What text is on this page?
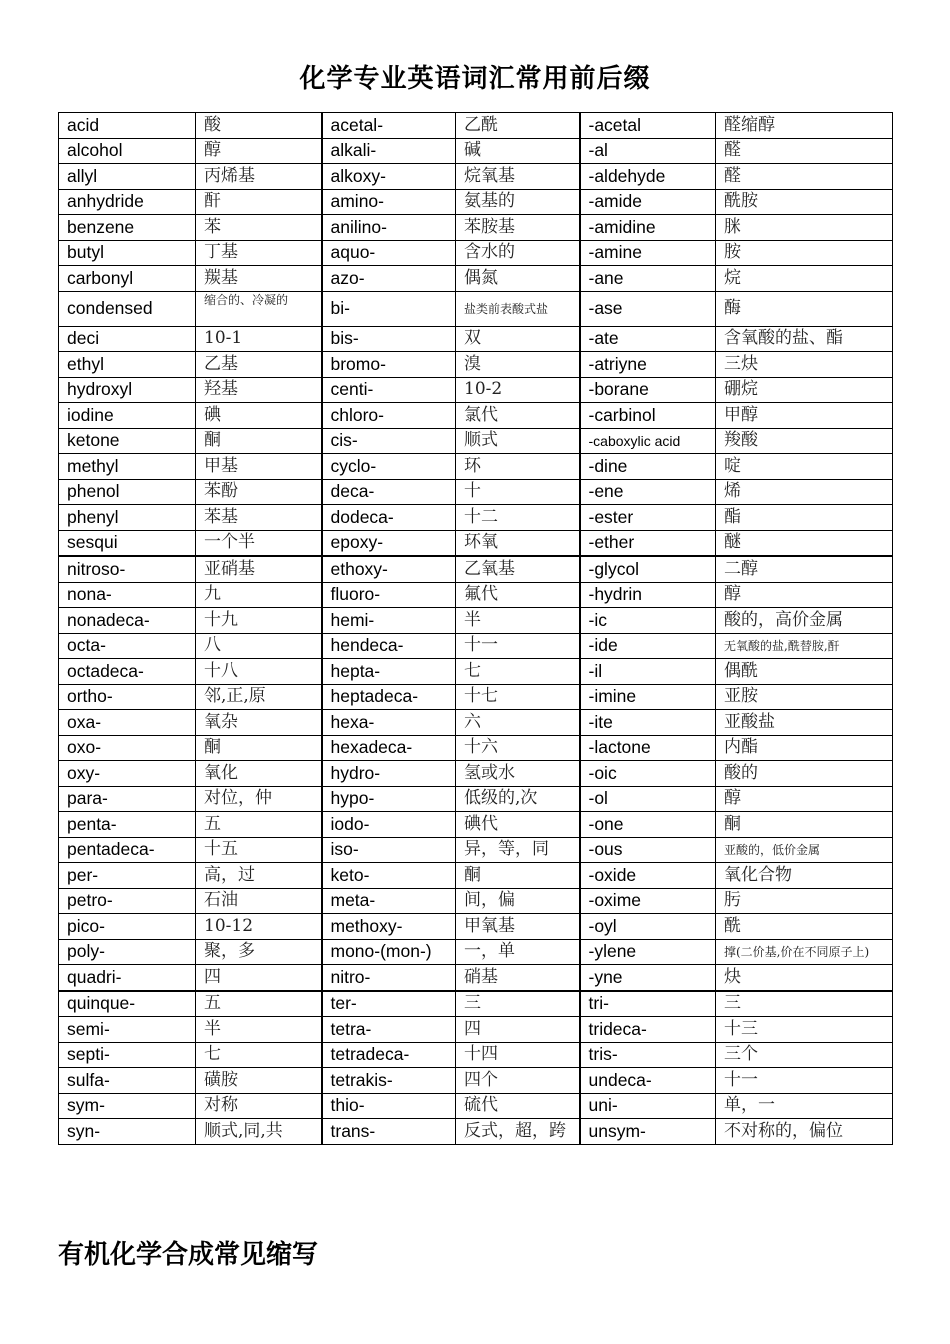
化学专业英语词汇常用前后缀
acid	酸	acetal-	乙酰	-acetal	醛缩醇
alcohol	醇	alkali-	碱	-al	醛
allyl	丙烯基	alkoxy-	烷氧基	-aldehyde	醛
anhydride	酐	amino-	氨基的	-amide	酰胺
benzene	苯	anilino-	苯胺基	-amidine	脒
butyl	丁基	aquo-	含水的	-amine	胺
carbonyl	羰基	azo-	偶氮	-ane	烷
condensed	缩合的、冷凝的	bi-	盐类前表酸式盐	-ase	酶
deci	10-1	bis-	双	-ate	含氧酸的盐、酯
ethyl	乙基	bromo-	溴	-atriyne	三炔
hydroxyl	羟基	centi-	10-2	-borane	硼烷
iodine	碘	chloro-	氯代	-carbinol	甲醇
ketone	酮	cis-	顺式	-caboxylic acid	羧酸
methyl	甲基	cyclo-	环	-dine	啶
phenol	苯酚	deca-	十	-ene	烯
phenyl	苯基	dodeca-	十二	-ester	酯
sesqui	一个半	epoxy-	环氧	-ether	醚
nitroso-	亚硝基	ethoxy-	乙氧基	-glycol	二醇
nona-	九	fluoro-	氟代	-hydrin	醇
nonadeca-	十九	hemi-	半	-ic	酸的，高价金属
octa-	八	hendeca-	十一	-ide	无氧酸的盐,酰替胺,酐
octadeca-	十八	hepta-	七	-il	偶酰
ortho-	邻,正,原	heptadeca-	十七	-imine	亚胺
oxa-	氧杂	hexa-	六	-ite	亚酸盐
oxo-	酮	hexadeca-	十六	-lactone	内酯
oxy-	氧化	hydro-	氢或水	-oic	酸的
para-	对位，仲	hypo-	低级的,次	-ol	醇
penta-	五	iodo-	碘代	-one	酮
pentadeca-	十五	iso-	异，等，同	-ous	亚酸的，低价金属
per-	高，过	keto-	酮	-oxide	氧化合物
petro-	石油	meta-	间，偏	-oxime	肟
pico-	10-12	methoxy-	甲氧基	-oyl	酰
poly-	聚，多	mono-(mon-)	一，单	-ylene	撑(二价基,价在不同原子上)
quadri-	四	nitro-	硝基	-yne	炔
quinque-	五	ter-	三	tri-	三
semi-	半	tetra-	四	trideca-	十三
septi-	七	tetradeca-	十四	tris-	三个
sulfa-	磺胺	tetrakis-	四个	undeca-	十一
sym-	对称	thio-	硫代	uni-	单，一
syn-	顺式,同,共	trans-	反式，超，跨	unsym-	不对称的，偏位
有机化学合成常见缩写
